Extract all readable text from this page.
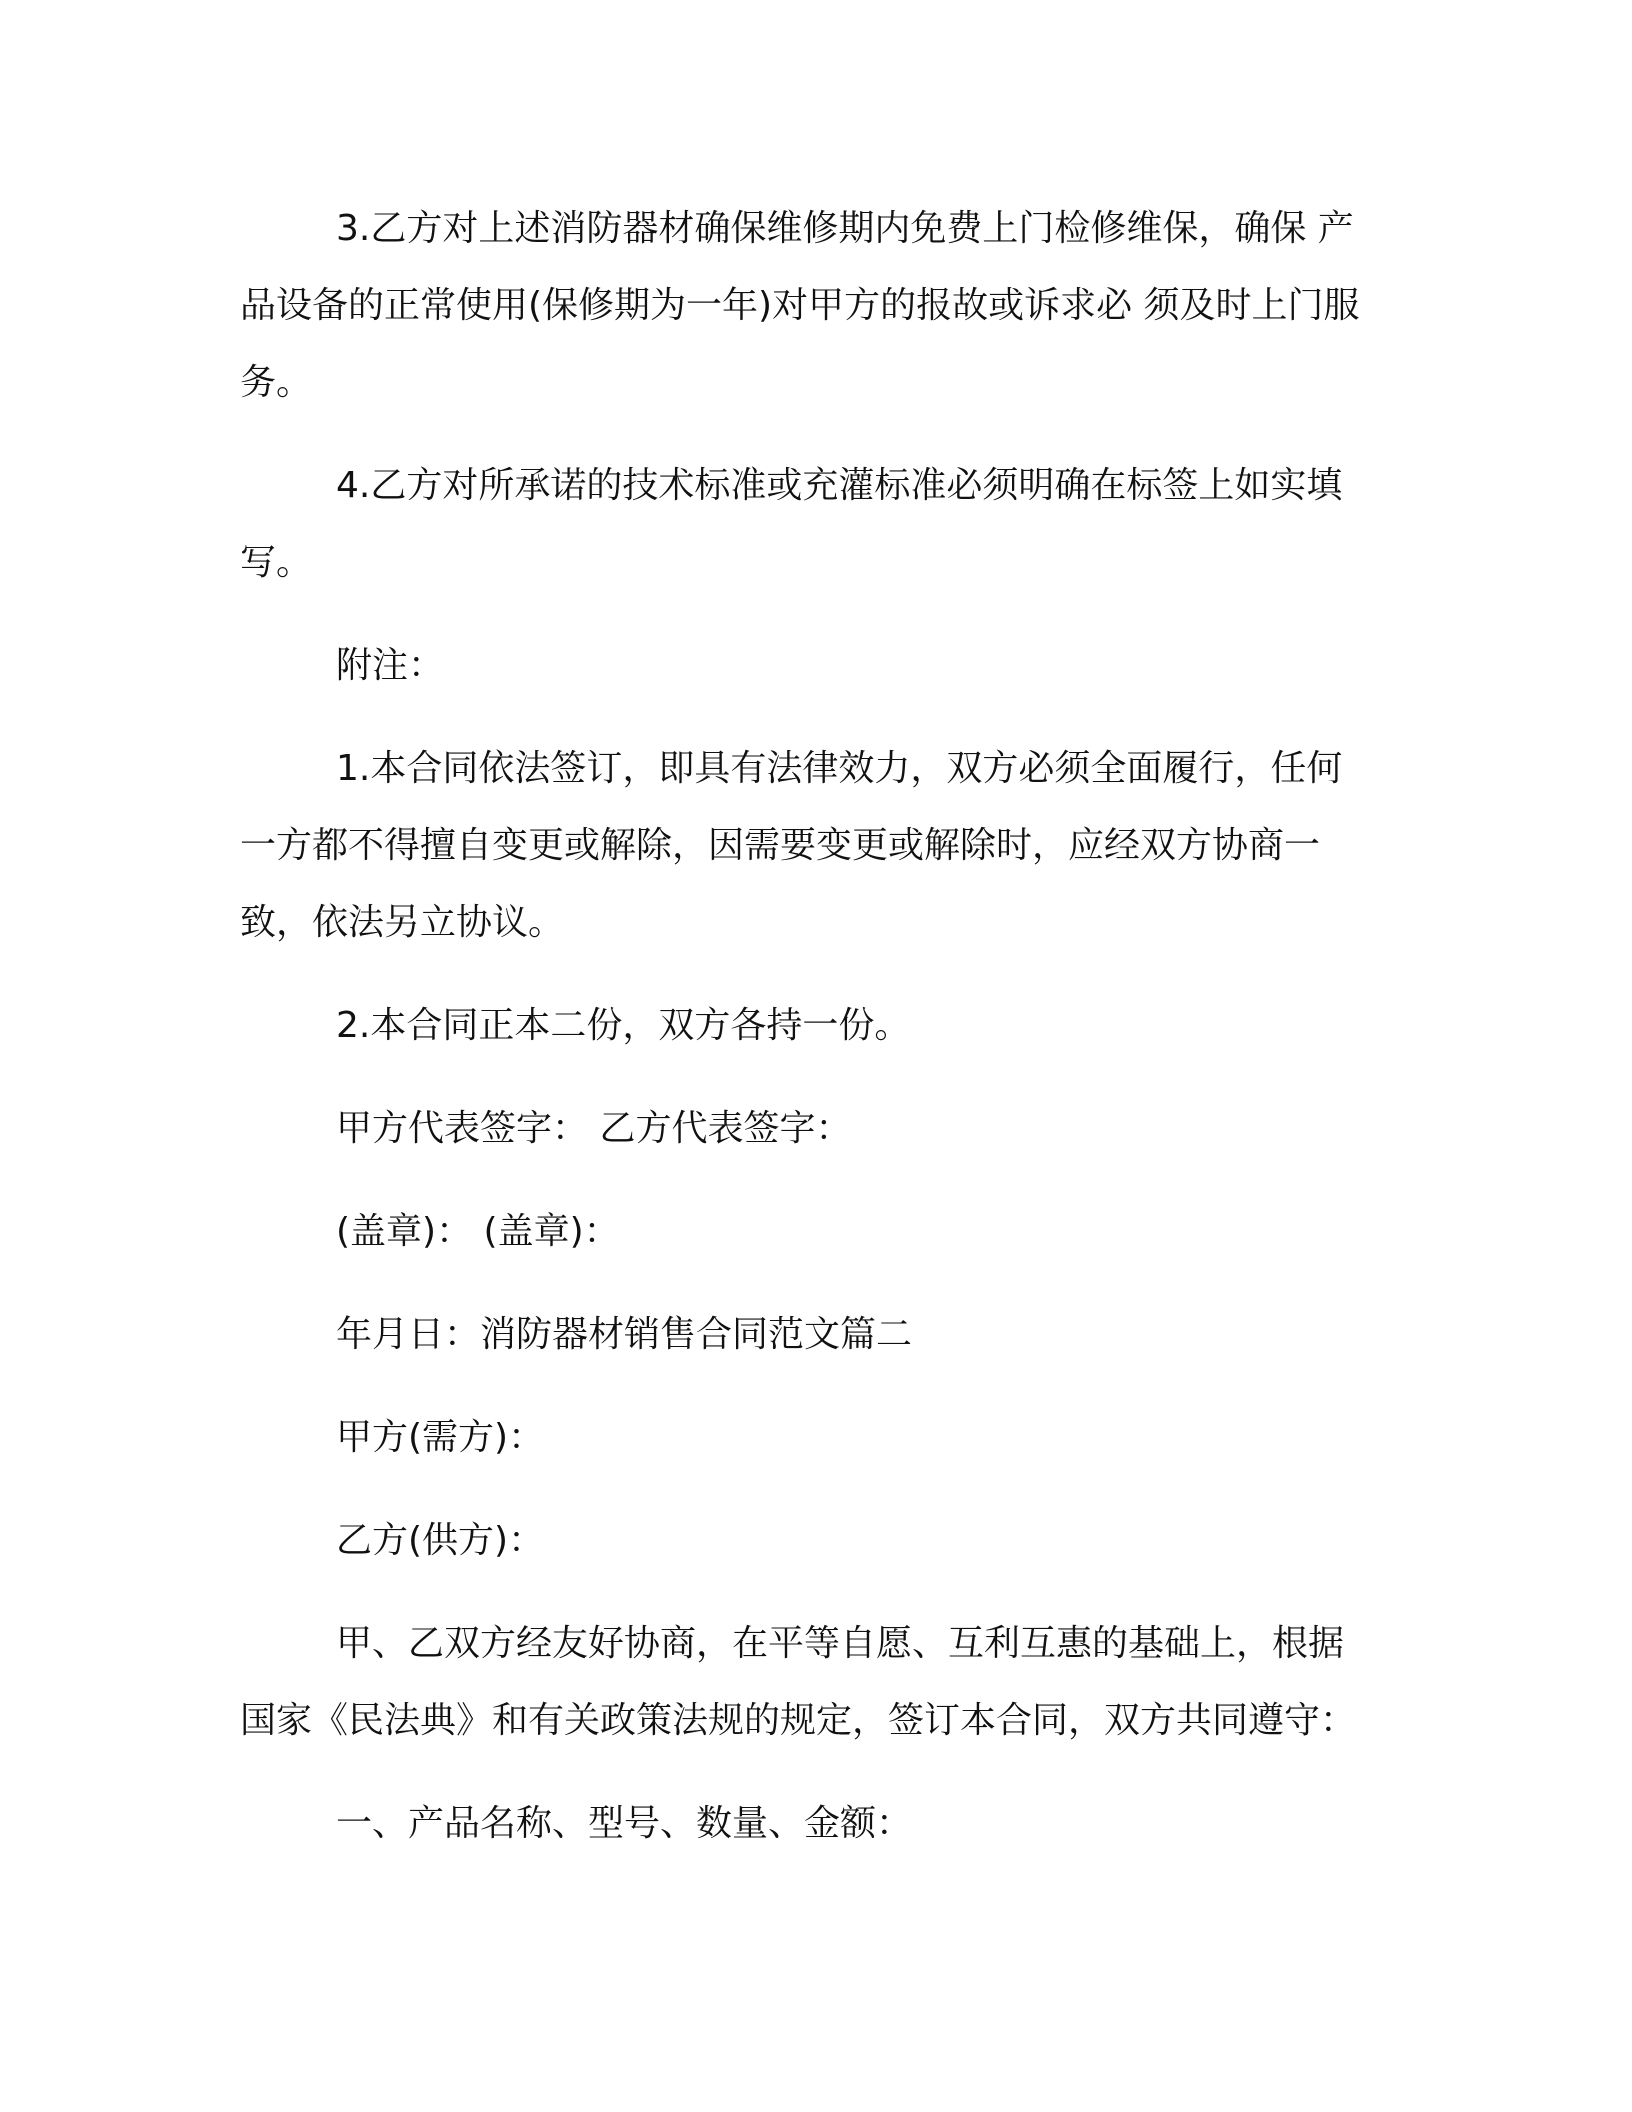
3.乙方对上述消防器材确保维修期内免费上门检修维保，确保 产品设备的正常使用(保修期为一年)对甲方的报故或诉求必 须及时上门服务。

4.乙方对所承诺的技术标准或充灌标准必须明确在标签上如实填写。

附注：

1.本合同依法签订，即具有法律效力，双方必须全面履行，任何一方都不得擅自变更或解除，因需要变更或解除时，应经双方协商一致，依法另立协议。

2.本合同正本二份，双方各持一份。

甲方代表签字： 乙方代表签字：

(盖章)： (盖章)：

年月日：消防器材销售合同范文篇二

甲方(需方)：

乙方(供方)：

甲、乙双方经友好协商，在平等自愿、互利互惠的基础上，根据国家《民法典》和有关政策法规的规定，签订本合同，双方共同遵守：

一、产品名称、型号、数量、金额：
